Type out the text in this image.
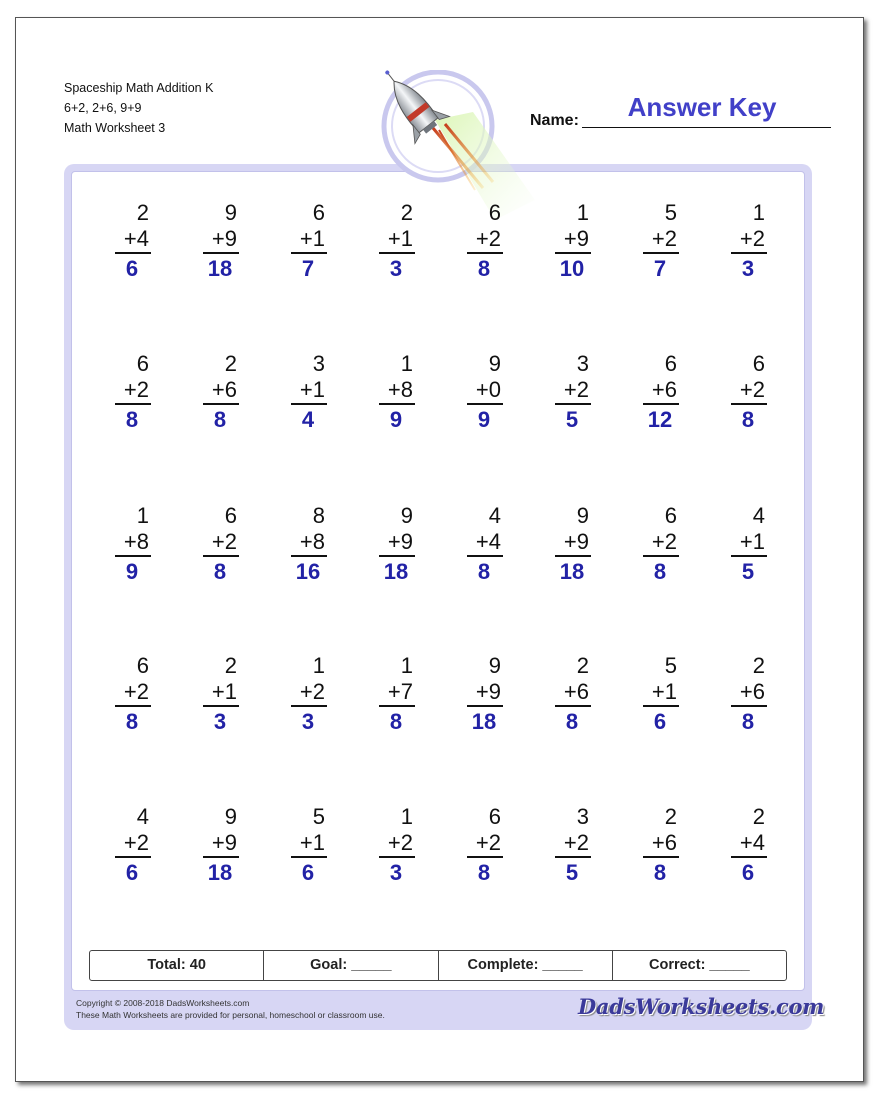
Spaceship Math Addition K
6+2, 2+6, 9+9
Math Worksheet 3	Name:	Answer Key
2
+4
6
9
+9
18
6
+1
7
2
+1
3
6
+2
8
1
+9
10
5
+2
7
1
+2
3
6
+2
8
2
+6
8
3
+1
4
1
+8
9
9
+0
9
3
+2
5
6
+6
12
6
+2
8
1
+8
9
6
+2
8
8
+8
16
9
+9
18
4
+4
8
9
+9
18
6
+2
8
4
+1
5
6
+2
8
2
+1
3
1
+2
3
1
+7
8
9
+9
18
2
+6
8
5
+1
6
2
+6
8
4
+2
6
9
+9
18
5
+1
6
1
+2
3
6
+2
8
3
+2
5
2
+6
8
2
+4
6
Total: 40	Goal: _____	Complete: _____	Correct: _____
Copyright © 2008-2018 DadsWorksheets.com
These Math Worksheets are provided for personal, homeschool or classroom use.	DadsWorksheets.com
